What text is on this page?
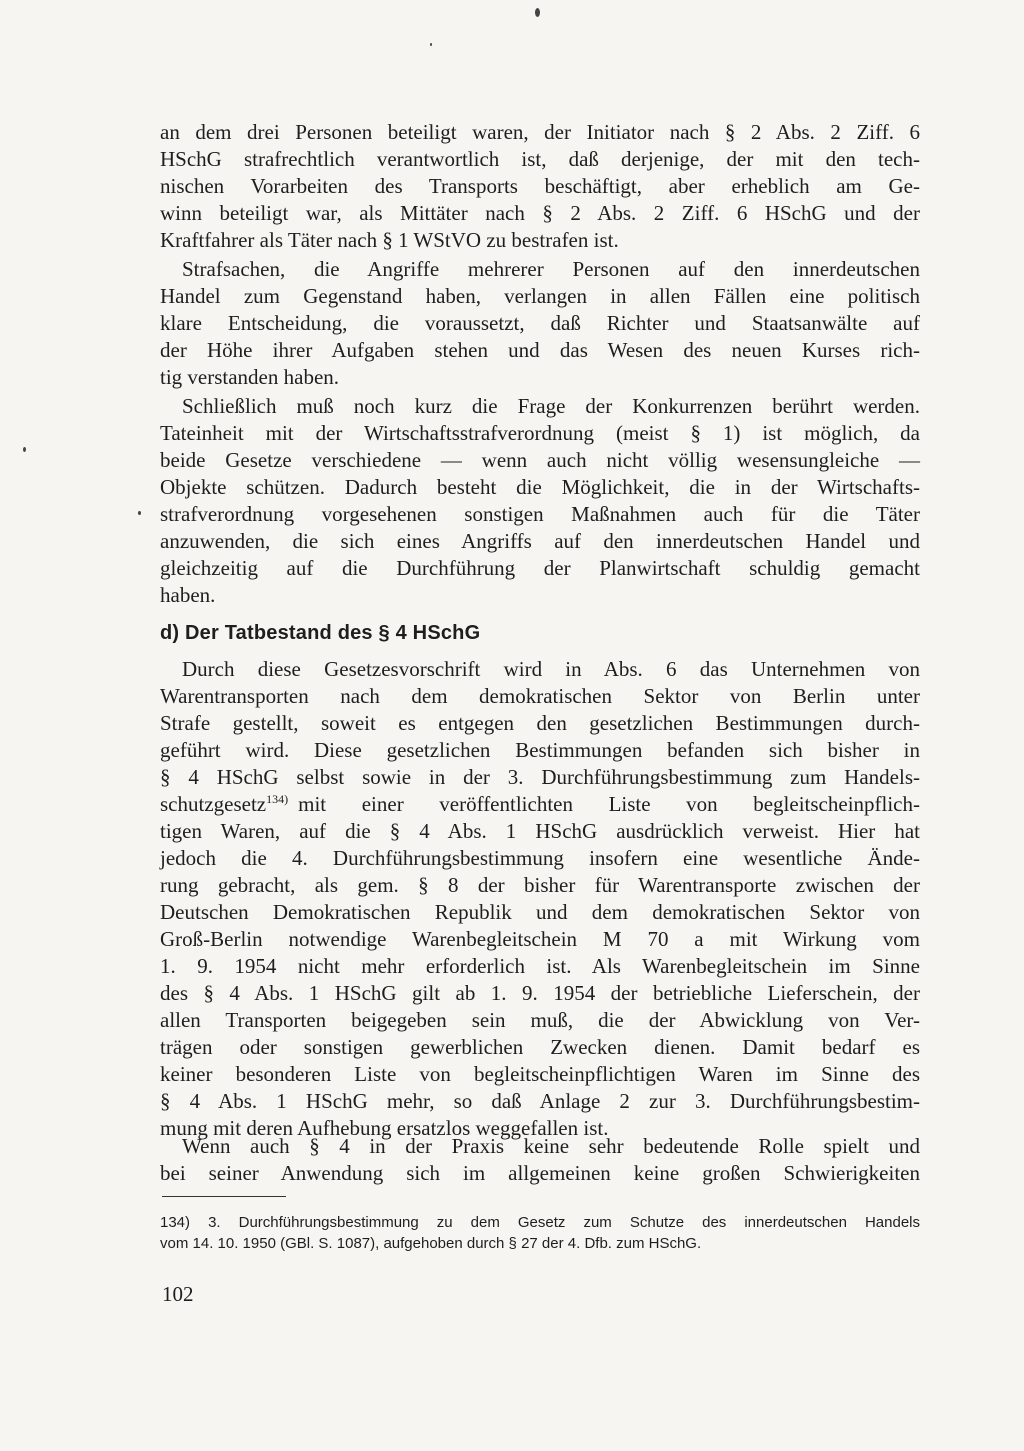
an dem drei Personen beteiligt waren, der Initiator nach § 2 Abs. 2 Ziff. 6
HSchG strafrechtlich verantwortlich ist, daß derjenige, der mit den tech-
nischen Vorarbeiten des Transports beschäftigt, aber erheblich am Ge-
winn beteiligt war, als Mittäter nach § 2 Abs. 2 Ziff. 6 HSchG und der
Kraftfahrer als Täter nach § 1 WStVO zu bestrafen ist.
Strafsachen, die Angriffe mehrerer Personen auf den innerdeutschen
Handel zum Gegenstand haben, verlangen in allen Fällen eine politisch
klare Entscheidung, die voraussetzt, daß Richter und Staatsanwälte auf
der Höhe ihrer Aufgaben stehen und das Wesen des neuen Kurses rich-
tig verstanden haben.
Schließlich muß noch kurz die Frage der Konkurrenzen berührt werden.
Tateinheit mit der Wirtschaftsstrafverordnung (meist § 1) ist möglich, da
beide Gesetze verschiedene — wenn auch nicht völlig wesensungleiche —
Objekte schützen. Dadurch besteht die Möglichkeit, die in der Wirtschafts-
strafverordnung vorgesehenen sonstigen Maßnahmen auch für die Täter
anzuwenden, die sich eines Angriffs auf den innerdeutschen Handel und
gleichzeitig auf die Durchführung der Planwirtschaft schuldig gemacht
haben.
d) Der Tatbestand des § 4 HSchG
Durch diese Gesetzesvorschrift wird in Abs. 6 das Unternehmen von
Warentransporten nach dem demokratischen Sektor von Berlin unter
Strafe gestellt, soweit es entgegen den gesetzlichen Bestimmungen durch-
geführt wird. Diese gesetzlichen Bestimmungen befanden sich bisher in
§ 4 HSchG selbst sowie in der 3. Durchführungsbestimmung zum Handels-
schutzgesetz$^{134)}$ mit einer veröffentlichten Liste von begleitscheinpflich-
tigen Waren, auf die § 4 Abs. 1 HSchG ausdrücklich verweist. Hier hat
jedoch die 4. Durchführungsbestimmung insofern eine wesentliche Ände-
rung gebracht, als gem. § 8 der bisher für Warentransporte zwischen der
Deutschen Demokratischen Republik und dem demokratischen Sektor von
Groß-Berlin notwendige Warenbegleitschein M 70 a mit Wirkung vom
1. 9. 1954 nicht mehr erforderlich ist. Als Warenbegleitschein im Sinne
des § 4 Abs. 1 HSchG gilt ab 1. 9. 1954 der betriebliche Lieferschein, der
allen Transporten beigegeben sein muß, die der Abwicklung von Ver-
trägen oder sonstigen gewerblichen Zwecken dienen. Damit bedarf es
keiner besonderen Liste von begleitscheinpflichtigen Waren im Sinne des
§ 4 Abs. 1 HSchG mehr, so daß Anlage 2 zur 3. Durchführungsbestim-
mung mit deren Aufhebung ersatzlos weggefallen ist.
Wenn auch § 4 in der Praxis keine sehr bedeutende Rolle spielt und
bei seiner Anwendung sich im allgemeinen keine großen Schwierigkeiten
134) 3. Durchführungsbestimmung zu dem Gesetz zum Schutze des innerdeutschen Handels
vom 14. 10. 1950 (GBl. S. 1087), aufgehoben durch § 27 der 4. Dfb. zum HSchG.
102
